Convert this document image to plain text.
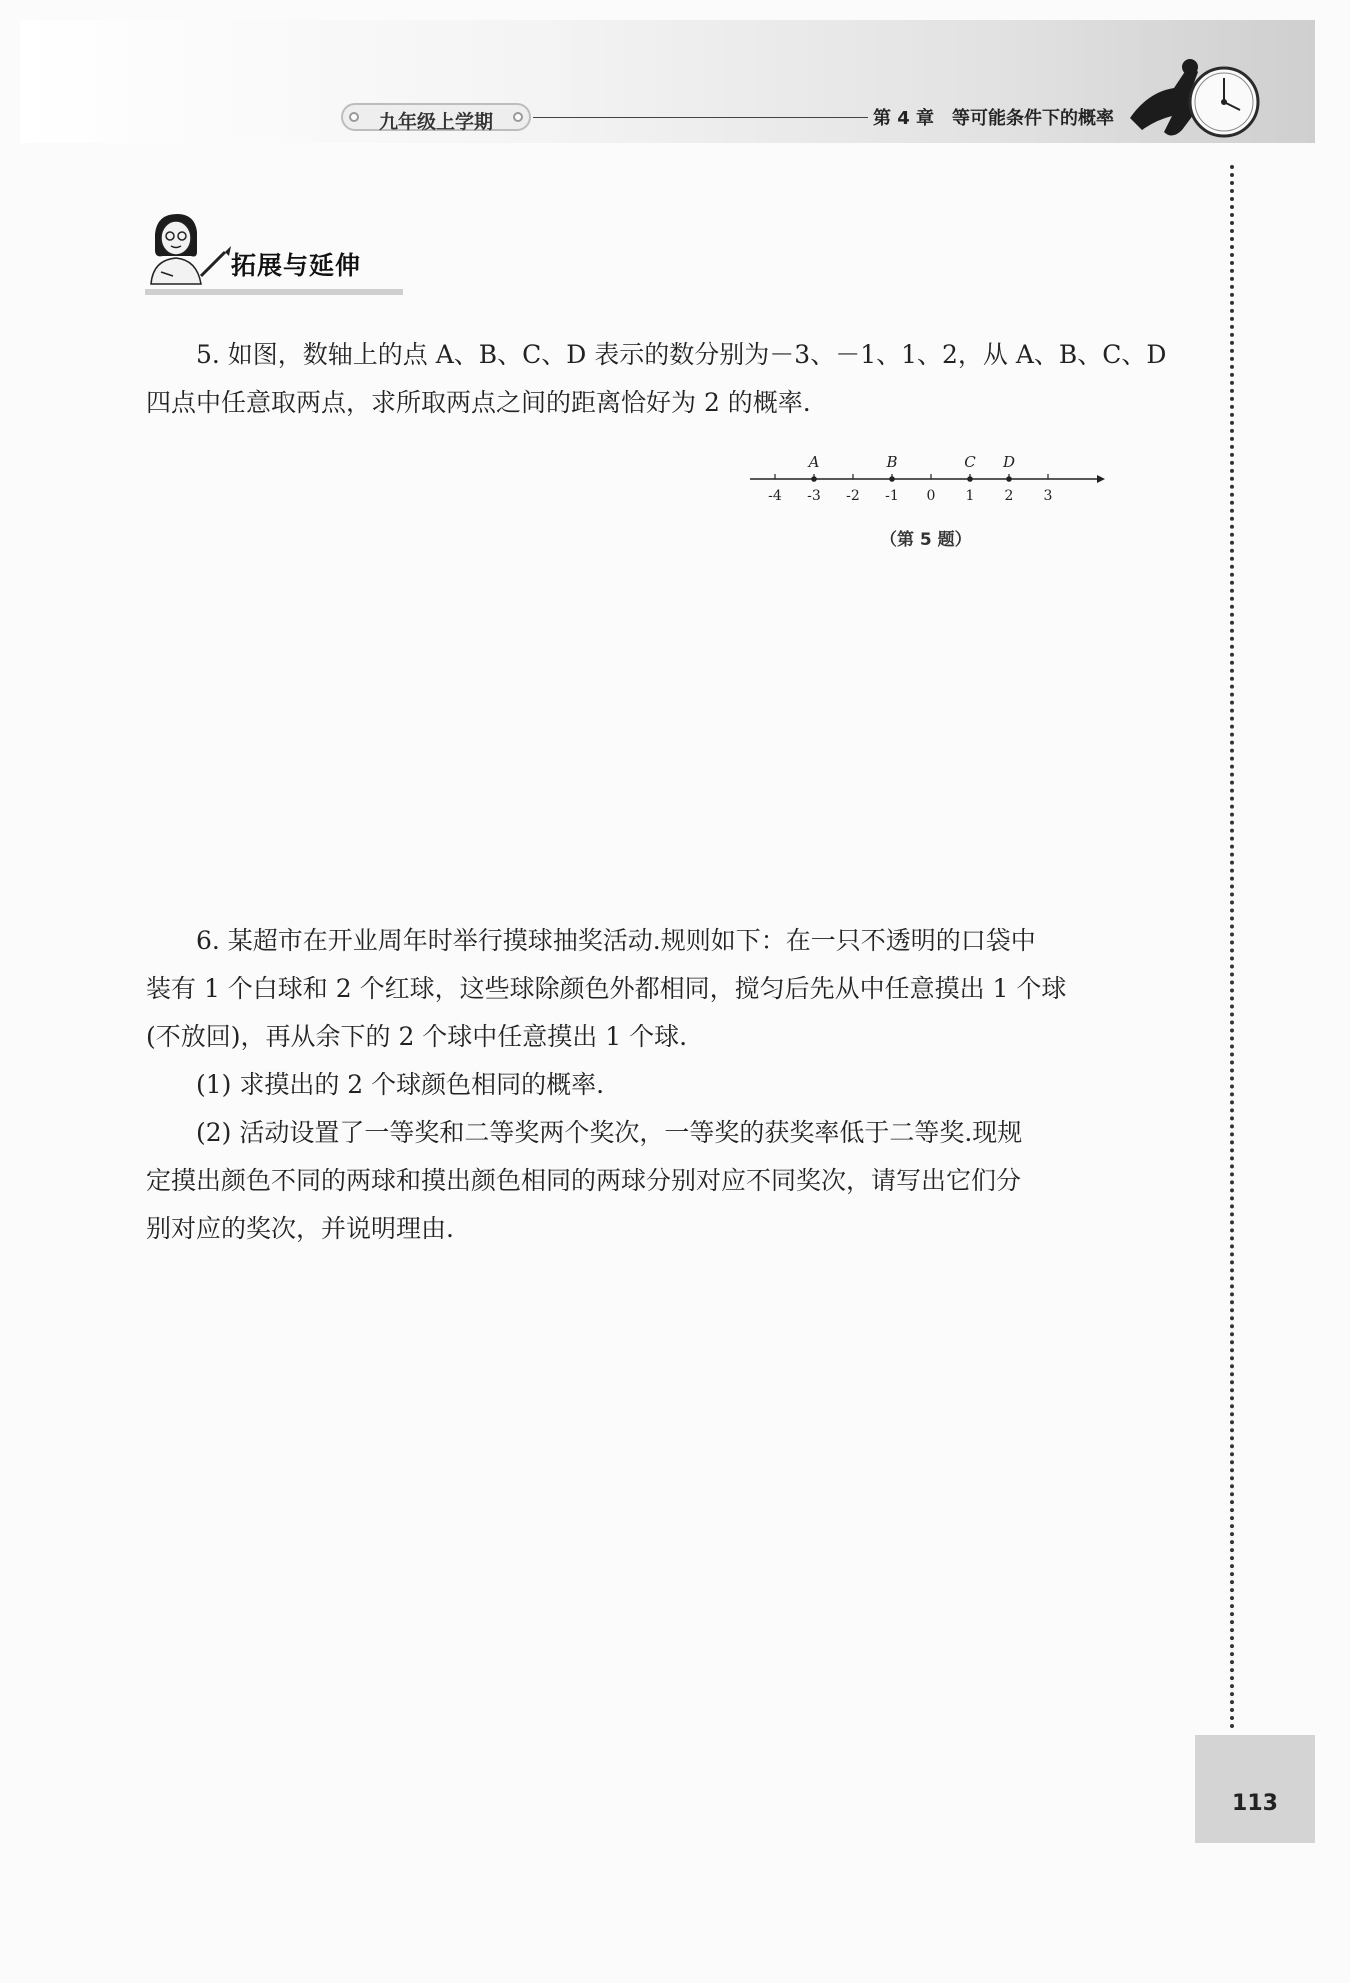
九年级上学期	第 4 章　等可能条件下的概率
拓展与延伸
5. 如图，数轴上的点 A、B、C、D 表示的数分别为－3、－1、1、2，从 A、B、C、D
四点中任意取两点，求所取两点之间的距离恰好为 2 的概率.
-4 -3 -2 -1 0 1 2 3
A	B	C D
（第 5 题）
6. 某超市在开业周年时举行摸球抽奖活动.规则如下：在一只不透明的口袋中
装有 1 个白球和 2 个红球，这些球除颜色外都相同，搅匀后先从中任意摸出 1 个球
(不放回)，再从余下的 2 个球中任意摸出 1 个球.
(1) 求摸出的 2 个球颜色相同的概率.
(2) 活动设置了一等奖和二等奖两个奖次，一等奖的获奖率低于二等奖.现规
定摸出颜色不同的两球和摸出颜色相同的两球分别对应不同奖次，请写出它们分
别对应的奖次，并说明理由.
113
